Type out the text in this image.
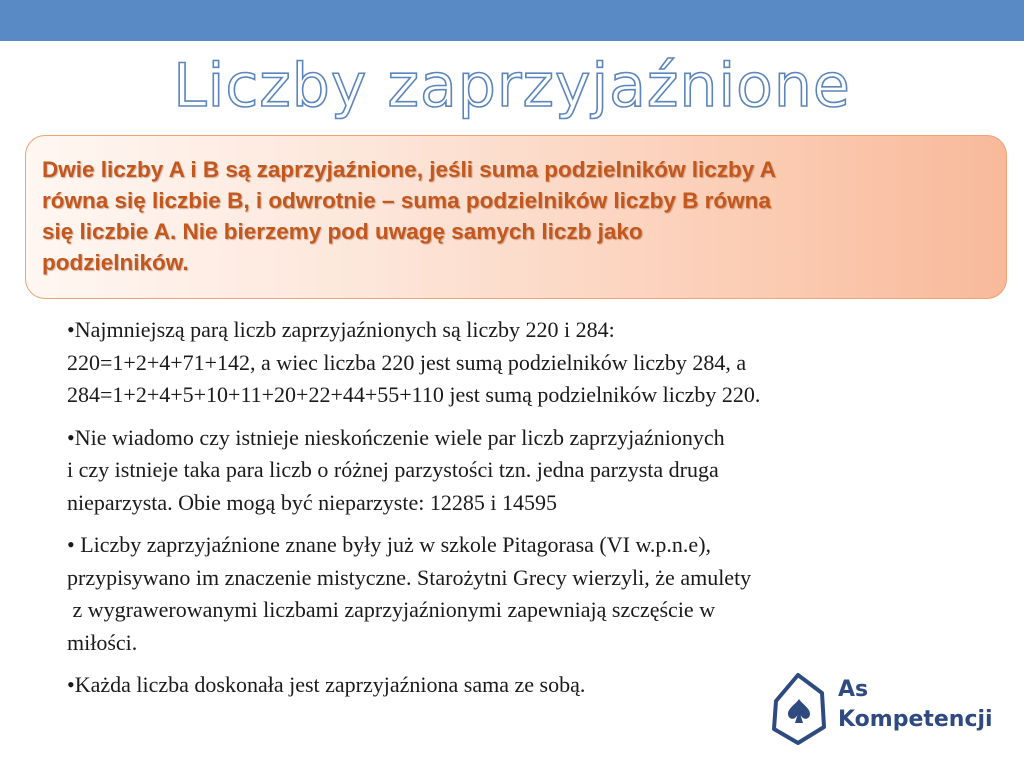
Liczby zaprzyjaźnione

Dwie liczby A i B są zaprzyjaźnione, jeśli suma podzielników liczby A
równa się liczbie B, i odwrotnie – suma podzielników liczby B równa
się liczbie A. Nie bierzemy pod uwagę samych liczb jako
podzielników.

•Najmniejszą parą liczb zaprzyjaźnionych są liczby 220 i 284:
220=1+2+4+71+142, a wiec liczba 220 jest sumą podzielników liczby 284, a
284=1+2+4+5+10+11+20+22+44+55+110 jest sumą podzielników liczby 220.

•Nie wiadomo czy istnieje nieskończenie wiele par liczb zaprzyjaźnionych
i czy istnieje taka para liczb o różnej parzystości tzn. jedna parzysta druga
nieparzysta. Obie mogą być nieparzyste: 12285 i 14595

• Liczby zaprzyjaźnione znane były już w szkole Pitagorasa (VI w.p.n.e),
przypisywano im znaczenie mistyczne. Starożytni Grecy wierzyli, że amulety
z wygrawerowanymi liczbami zaprzyjaźnionymi zapewniają szczęście w
miłości.

•Każda liczba doskonała jest zaprzyjaźniona sama ze sobą.	As
Kompetencji
